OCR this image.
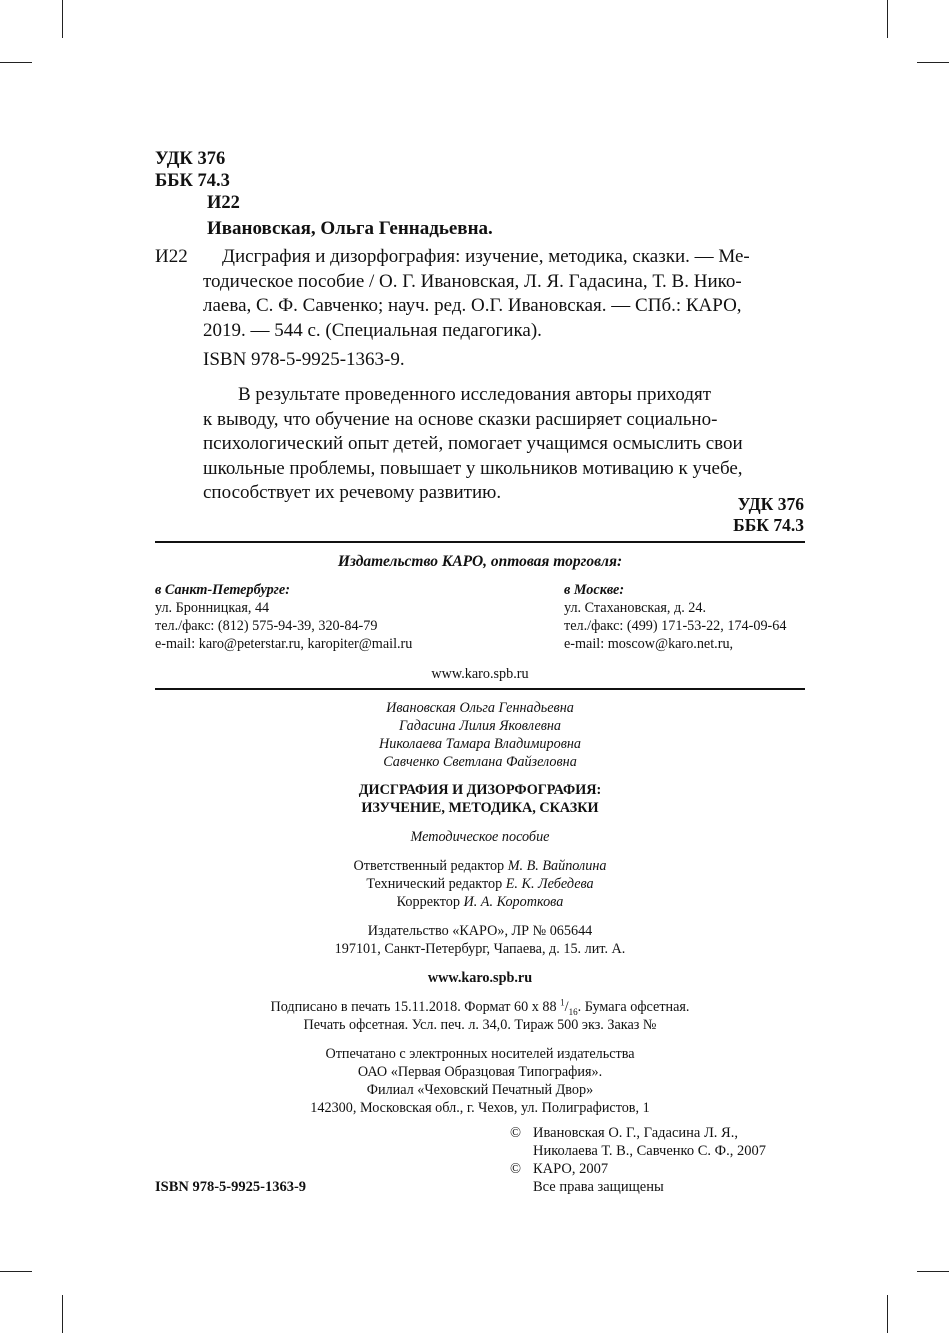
УДК 376
ББК 74.3
И22
Ивановская, Ольга Геннадьевна.
И22 Дисграфия и дизорфография: изучение, методика, сказки. — Ме-
тодическое пособие / О. Г. Ивановская, Л. Я. Гадасина, Т. В. Нико-
лаева, С. Ф. Савченко; науч. ред. О.Г. Ивановская. — СПб.: КАРО,
2019. — 544 с. (Специальная педагогика).
ISBN 978-5-9925-1363-9.
В результате проведенного исследования авторы приходят
к выводу, что обучение на основе сказки расширяет социально-
психологический опыт детей, помогает учащимся осмыслить свои
школьные проблемы, повышает у школьников мотивацию к учебе,
способствует их речевому развитию.
УДК 376
ББК 74.3
Издательство КАРО, оптовая торговля:
в Санкт-Петербурге:
ул. Бронницкая, 44
тел./факс: (812) 575-94-39, 320-84-79
e-mail: karo@peterstar.ru, karopiter@mail.ru
в Москве:
ул. Стахановская, д. 24.
тел./факс: (499) 171-53-22, 174-09-64
e-mail: moscow@karo.net.ru,
www.karo.spb.ru
Ивановская Ольга Геннадьевна
Гадасина Лилия Яковлевна
Николаева Тамара Владимировна
Савченко Светлана Файзеловна
ДИСГРАФИЯ И ДИЗОРФОГРАФИЯ:
ИЗУЧЕНИЕ, МЕТОДИКА, СКАЗКИ
Методическое пособие
Ответственный редактор М. В. Вайполина
Технический редактор Е. К. Лебедева
Корректор И. А. Короткова
Издательство «КАРО», ЛР № 065644
197101, Санкт-Петербург, Чапаева, д. 15. лит. А.
www.karo.spb.ru
Подписано в печать 15.11.2018. Формат 60 х 88 $^1/_{16}$. Бумага офсетная.
Печать офсетная. Усл. печ. л. 34,0. Тираж 500 экз. Заказ №
Отпечатано с электронных носителей издательства
ОАО «Первая Образцовая Типография».
Филиал «Чеховский Печатный Двор»
142300, Московская обл., г. Чехов, ул. Полиграфистов, 1
© Ивановская О. Г., Гадасина Л. Я.,
Николаева Т. В., Савченко С. Ф., 2007
© КАРО, 2007
Все права защищены
ISBN 978-5-9925-1363-9
